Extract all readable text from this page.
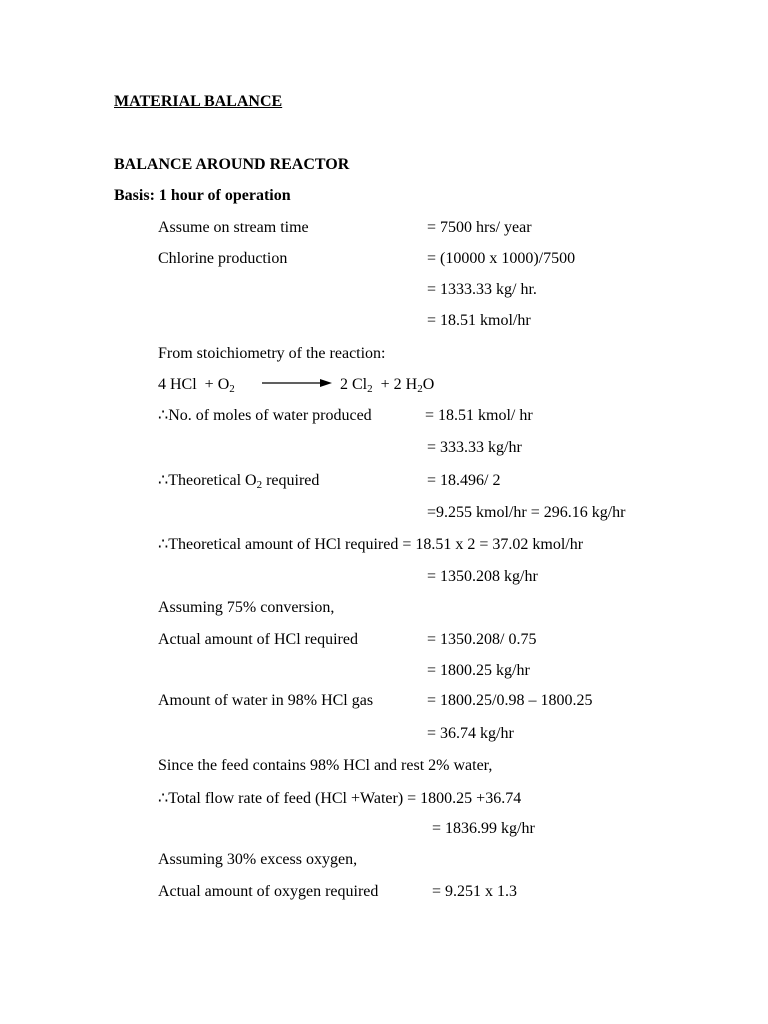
MATERIAL BALANCE
BALANCE AROUND REACTOR
Basis: 1 hour of operation
Assume on stream time	= 7500 hrs/ year
Chlorine production	= (10000 x 1000)/7500
= 1333.33 kg/ hr.
= 18.51 kmol/hr
From stoichiometry of the reaction:
4 HCl + $O_2$	2 $Cl_2 + 2$ $H_2O$
∴No. of moles of water produced	= 18.51 kmol/ hr
= 333.33 kg/hr
∴Theoretical $O_2$ required	= 18.496/ 2
=9.255 kmol/hr = 296.16 kg/hr
∴Theoretical amount of HCl required = 18.51 x 2 = 37.02 kmol/hr
= 1350.208 kg/hr
Assuming 75% conversion,
Actual amount of HCl required	= 1350.208/ 0.75
= 1800.25 kg/hr
Amount of water in 98% HCl gas	= 1800.25/0.98 – 1800.25
= 36.74 kg/hr
Since the feed contains 98% HCl and rest 2% water,
∴Total flow rate of feed (HCl +Water) = 1800.25 +36.74
= 1836.99 kg/hr
Assuming 30% excess oxygen,
Actual amount of oxygen required	= 9.251 x 1.3
